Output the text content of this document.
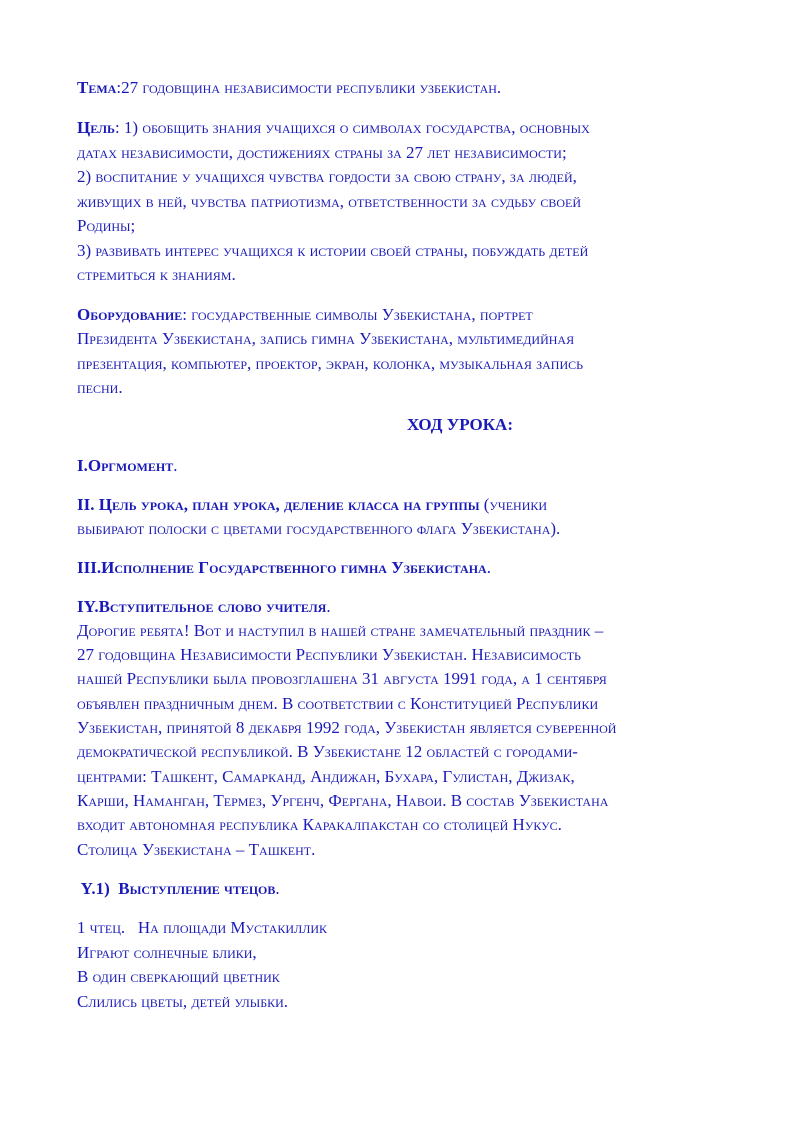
Тема:27 годовщина независимости республики узбекистан.
Цель: 1) обобщить знания учащихся о символах государства, основных
датах независимости, достижениях страны за 27 лет независимости;
2) воспитание у учащихся чувства гордости за свою страну, за людей,
живущих в ней, чувства патриотизма, ответственности за судьбу своей
Родины;
3) развивать интерес учащихся к истории своей страны, побуждать детей
стремиться к знаниям.
Оборудование: государственные символы Узбекистана, портрет
Президента Узбекистана, запись гимна Узбекистана, мультимедийная
презентация, компьютер, проектор, экран, колонка, музыкальная запись
песни.
ХОД УРОКА:
I.Оргмомент.
II. Цель урока, план урока, деление класса на группы (ученики
выбирают полоски с цветами государственного флага Узбекистана).
III.Исполнение Государственного гимна Узбекистана.
IY.Вступительное слово учителя.
Дорогие ребята! Вот и наступил в нашей стране замечательный праздник –
27 годовщина Независимости Республики Узбекистан. Независимость
нашей Республики была провозглашена 31 августа 1991 года, а 1 сентября
объявлен праздничным днем. В соответствии с Конституцией Республики
Узбекистан, принятой 8 декабря 1992 года, Узбекистан является суверенной
демократической республикой. В Узбекистане 12 областей с городами-
центрами: Ташкент, Самарканд, Андижан, Бухара, Гулистан, Джизак,
Карши, Наманган, Термез, Ургенч, Фергана, Навои. В состав Узбекистана
входит автономная республика Каракалпакстан со столицей Нукус.
Столица Узбекистана – Ташкент.
Y.1)  Выступление чтецов.
1 чтец.   На площади Мустакиллик
Играют солнечные блики,
В один сверкающий цветник
Слились цветы, детей улыбки.
